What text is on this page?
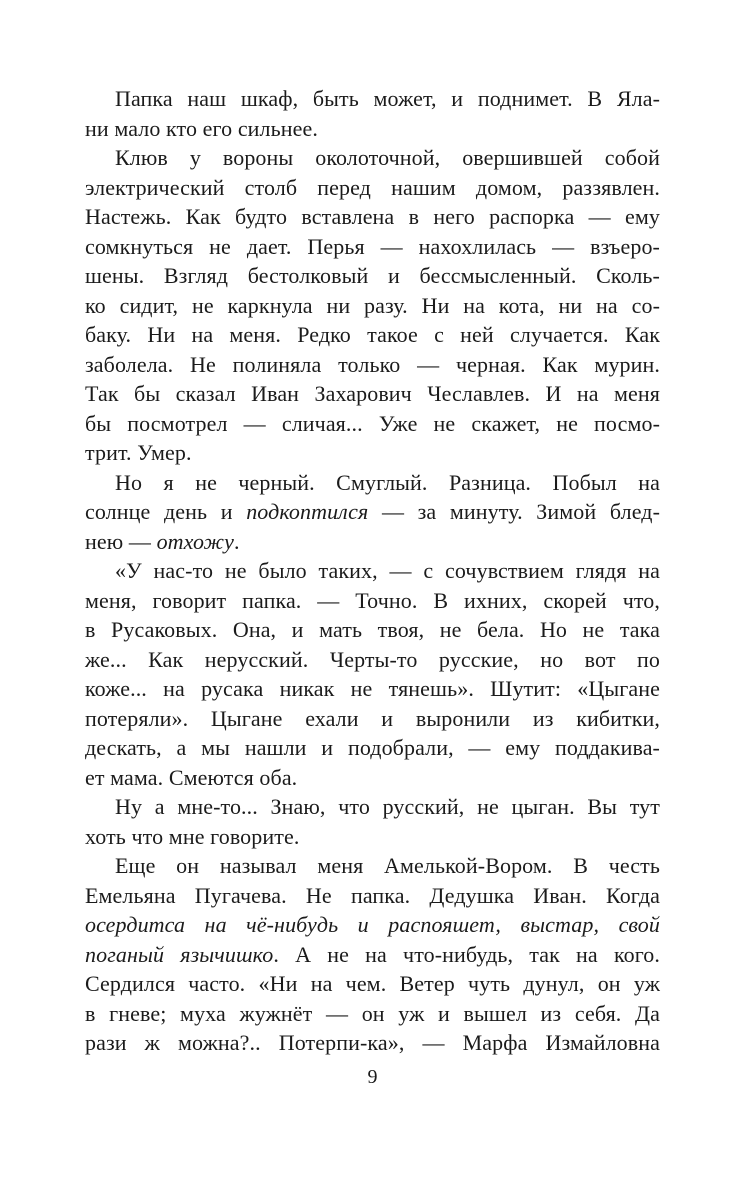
Папка наш шкаф, быть может, и поднимет. В Яла-
ни мало кто его сильнее.
Клюв у вороны околоточной, овершившей собой
электрический столб перед нашим домом, раззявлен.
Настежь. Как будто вставлена в него распорка — ему
сомкнуться не дает. Перья — нахохлилась — взъеро-
шены. Взгляд бестолковый и бессмысленный. Сколь-
ко сидит, не каркнула ни разу. Ни на кота, ни на со-
баку. Ни на меня. Редко такое с ней случается. Как
заболела. Не полиняла только — черная. Как мурин.
Так бы сказал Иван Захарович Чеславлев. И на меня
бы посмотрел — сличая... Уже не скажет, не посмо-
трит. Умер.
Но я не черный. Смуглый. Разница. Побыл на
солнце день и подкоптился — за минуту. Зимой блед-
нею — отхожу.
«У нас-то не было таких, — с сочувствием глядя на
меня, говорит папка. — Точно. В ихних, скорей что,
в Русаковых. Она, и мать твоя, не бела. Но не така
же... Как нерусский. Черты-то русские, но вот по
коже... на русака никак не тянешь». Шутит: «Цыгане
потеряли». Цыгане ехали и выронили из кибитки,
дескать, а мы нашли и подобрали, — ему поддакива-
ет мама. Смеются оба.
Ну а мне-то... Знаю, что русский, не цыган. Вы тут
хоть что мне говорите.
Еще он называл меня Амелькой-Вором. В честь
Емельяна Пугачева. Не папка. Дедушка Иван. Когда
осердитса на чё-нибудь и распояшет, выстар, свой
поганый язычишко. А не на что-нибудь, так на кого.
Сердился часто. «Ни на чем. Ветер чуть дунул, он уж
в гневе; муха жужнёт — он уж и вышел из себя. Да
рази ж можна?.. Потерпи-ка», — Марфа Измайловна
9
